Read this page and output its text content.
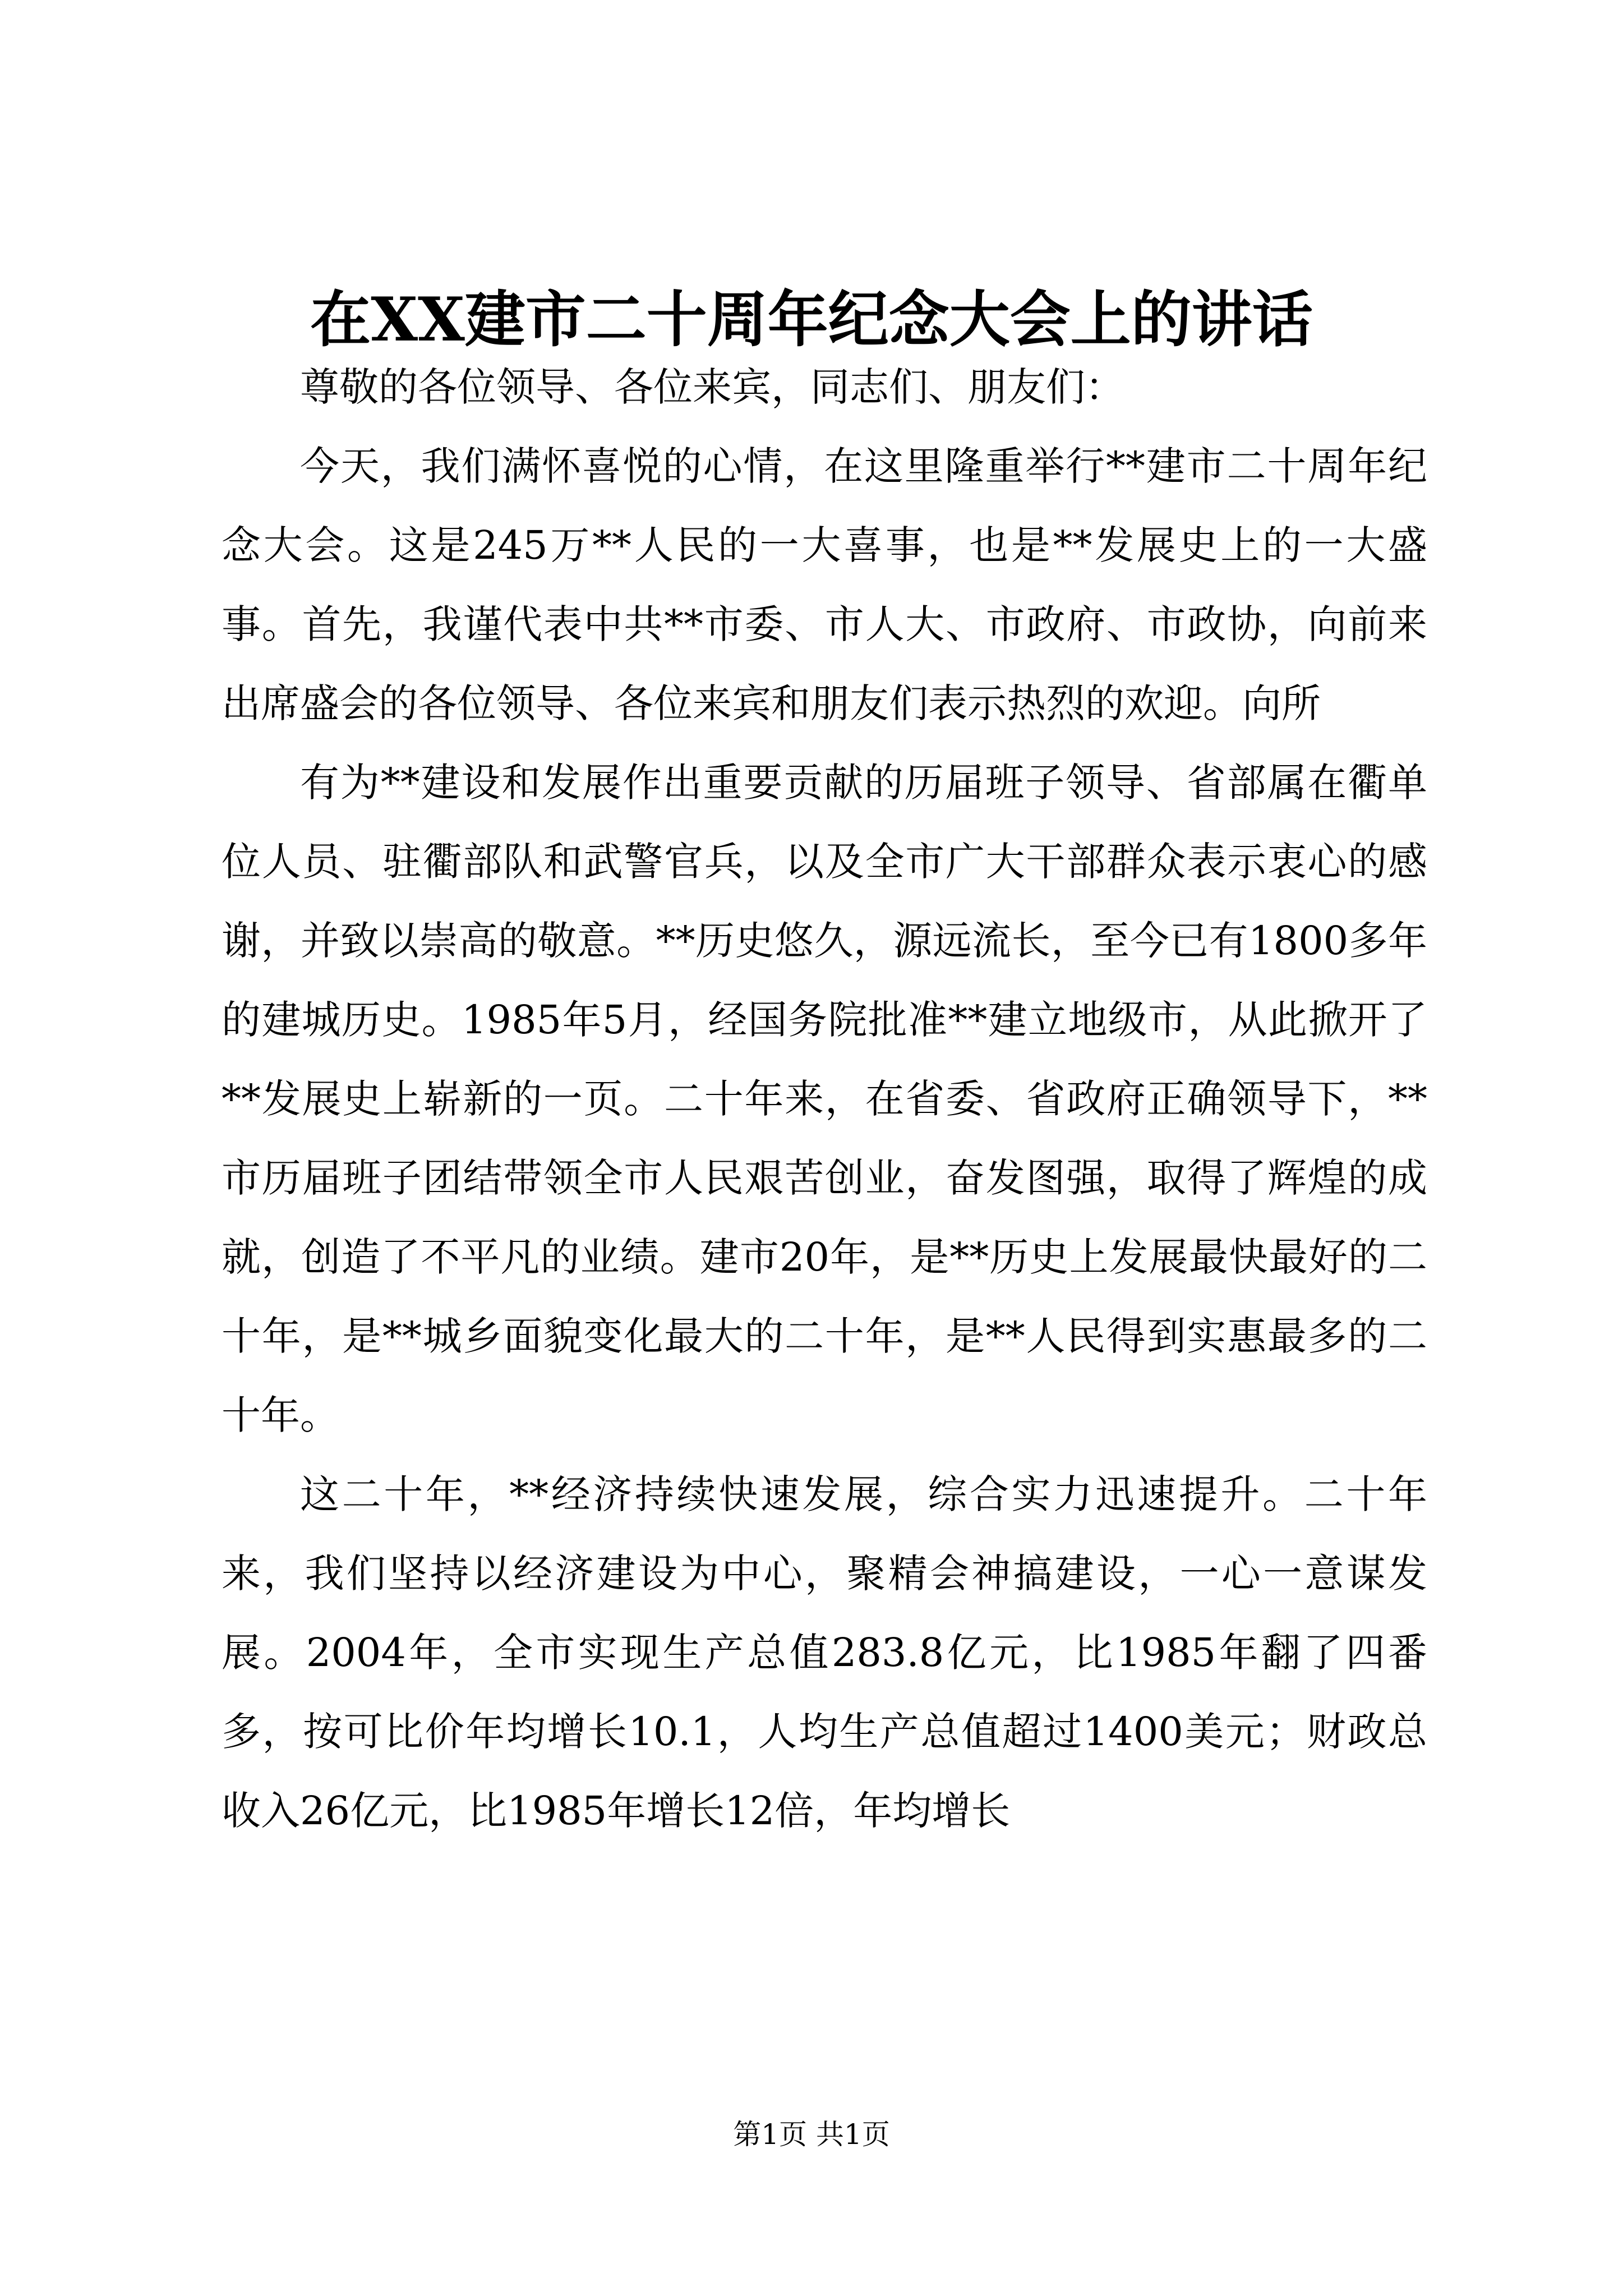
在XX建市二十周年纪念大会上的讲话

尊敬的各位领导、各位来宾，同志们、朋友们：

今天，我们满怀喜悦的心情，在这里隆重举行**建市二十周年纪念大会。这是245万**人民的一大喜事，也是**发展史上的一大盛事。首先，我谨代表中共**市委、市人大、市政府、市政协，向前来出席盛会的各位领导、各位来宾和朋友们表示热烈的欢迎。向所

有为**建设和发展作出重要贡献的历届班子领导、省部属在衢单位人员、驻衢部队和武警官兵，以及全市广大干部群众表示衷心的感谢，并致以崇高的敬意。**历史悠久，源远流长，至今已有1800多年的建城历史。1985年5月，经国务院批准**建立地级市，从此掀开了**发展史上崭新的一页。二十年来，在省委、省政府正确领导下，**市历届班子团结带领全市人民艰苦创业，奋发图强，取得了辉煌的成就，创造了不平凡的业绩。建市20年，是**历史上发展最快最好的二十年，是**城乡面貌变化最大的二十年，是**人民得到实惠最多的二十年。

这二十年，**经济持续快速发展，综合实力迅速提升。二十年来，我们坚持以经济建设为中心，聚精会神搞建设，一心一意谋发展。2004年，全市实现生产总值283.8亿元，比1985年翻了四番多，按可比价年均增长10.1，人均生产总值超过1400美元；财政总收入26亿元，比1985年增长12倍，年均增长

第1页 共1页
